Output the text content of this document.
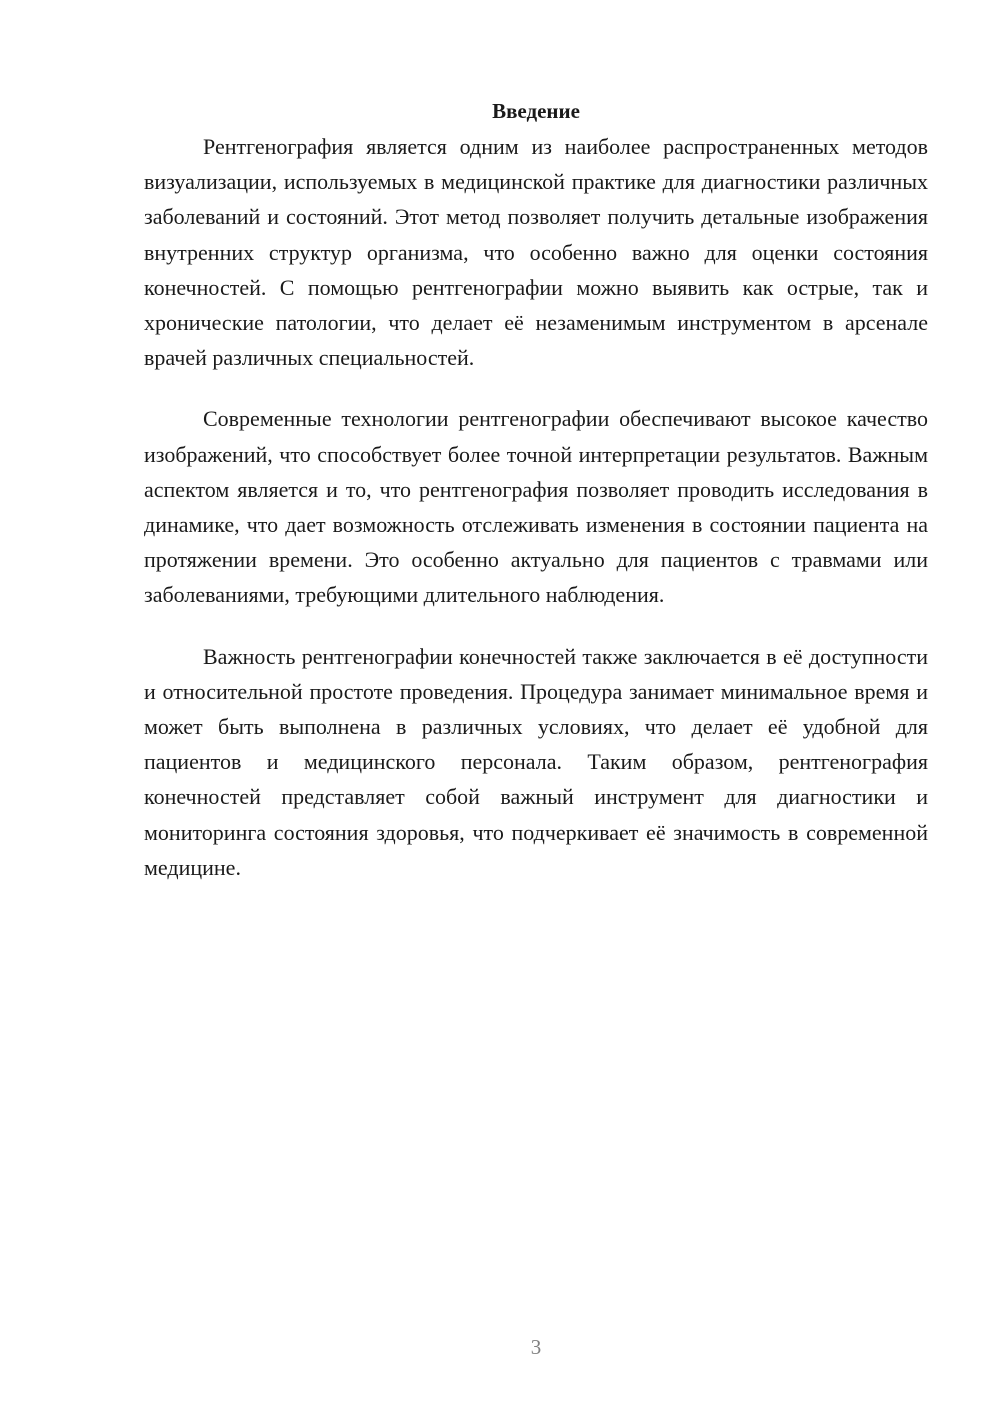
Введение

Рентгенография является одним из наиболее распространенных методов визуализации, используемых в медицинской практике для диагностики различных заболеваний и состояний. Этот метод позволяет получить детальные изображения внутренних структур организма, что особенно важно для оценки состояния конечностей. С помощью рентгенографии можно выявить как острые, так и хронические патологии, что делает её незаменимым инструментом в арсенале врачей различных специальностей.

Современные технологии рентгенографии обеспечивают высокое качество изображений, что способствует более точной интерпретации результатов. Важным аспектом является и то, что рентгенография позволяет проводить исследования в динамике, что дает возможность отслеживать изменения в состоянии пациента на протяжении времени. Это особенно актуально для пациентов с травмами или заболеваниями, требующими длительного наблюдения.

Важность рентгенографии конечностей также заключается в её доступности и относительной простоте проведения. Процедура занимает минимальное время и может быть выполнена в различных условиях, что делает её удобной для пациентов и медицинского персонала. Таким образом, рентгенография конечностей представляет собой важный инструмент для диагностики и мониторинга состояния здоровья, что подчеркивает её значимость в современной медицине.

3
